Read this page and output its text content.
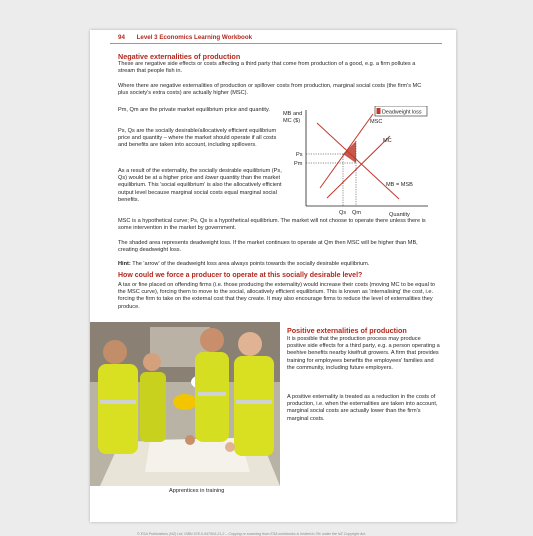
94 Level 3 Economics Learning Workbook
Negative externalities of production
These are negative side effects or costs affecting a third party that come from production of a good, e.g. a firm pollutes a stream that people fish in.
Where there are negative externalities of production or spillover costs from production, marginal social costs (the firm's MC plus society's extra costs) are actually higher (MSC).
Pm, Qm are the private market equilibrium price and quantity.
Ps, Qs are the socially desirable/allocatively efficient equilibrium price and quantity – where the market should operate if all costs and benefits are taken into account, including spillovers.
As a result of the externality, the socially desirable equilibrium (Ps, Qs) would be at a higher price and lower quantity than the market equilibrium. This 'social equilibrium' is also the allocatively efficient output level because marginal social costs equal marginal social benefits.
MSC is a hypothetical curve; Ps, Qs is a hypothetical equilibrium. The market will not choose to operate there unless there is some intervention in the market by government.
The shaded area represents deadweight loss. If the market continues to operate at Qm then MSC will be higher than MB, creating deadweight loss.
Hint: The 'arrow' of the deadweight loss area always points towards the socially desirable equilibrium.
MB and
MC ($)
Quantity
Deadweight loss
MSC
MC
MB = MSB
Ps
Pm
Qs Qm
How could we force a producer to operate at this socially desirable level?
A tax or fine placed on offending firms (i.e. those producing the externality) would increase their costs (moving MC to be equal to the MSC curve), forcing them to move to the social, allocatively efficient equilibrium. This is known as 'internalising' the cost, i.e. forcing the firm to take on the external cost that they create. It may also encourage firms to reduce the level of externalities they produce.
Apprentices in training
Positive externalities of production
It is possible that the production process may produce positive side effects for a third party, e.g. a person operating a beehive benefits nearby kiwifruit growers. A firm that provides training for employees benefits the employees' families and the community, including future employers.
A positive externality is treated as a reduction in the costs of production, i.e. when the externalities are taken into account, marginal social costs are actually lower than the firm's marginal costs.
© ESA Publications (NZ) Ltd, ISBN 978-0-947504-21-2 – Copying or scanning from ESA workbooks is limited to 3% under the NZ Copyright Act.
